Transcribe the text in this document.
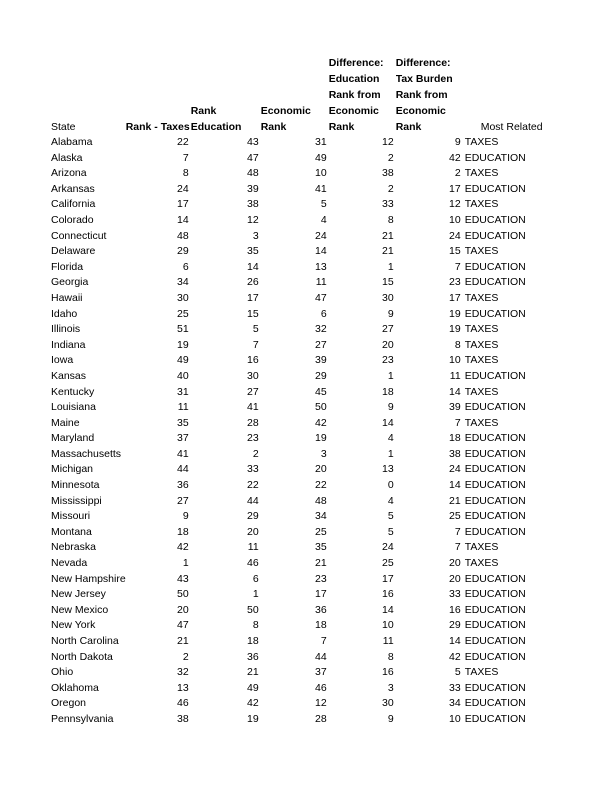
				Difference:	Difference:	
				Education	Tax Burden	
				Rank from	Rank from	
		Rank	Economic	Economic	Economic	
State	Rank - Taxes	Education	Rank	Rank	Rank	Most Related
Alabama	22	43	31	12	9	TAXES
Alaska	7	47	49	2	42	EDUCATION
Arizona	8	48	10	38	2	TAXES
Arkansas	24	39	41	2	17	EDUCATION
California	17	38	5	33	12	TAXES
Colorado	14	12	4	8	10	EDUCATION
Connecticut	48	3	24	21	24	EDUCATION
Delaware	29	35	14	21	15	TAXES
Florida	6	14	13	1	7	EDUCATION
Georgia	34	26	11	15	23	EDUCATION
Hawaii	30	17	47	30	17	TAXES
Idaho	25	15	6	9	19	EDUCATION
Illinois	51	5	32	27	19	TAXES
Indiana	19	7	27	20	8	TAXES
Iowa	49	16	39	23	10	TAXES
Kansas	40	30	29	1	11	EDUCATION
Kentucky	31	27	45	18	14	TAXES
Louisiana	11	41	50	9	39	EDUCATION
Maine	35	28	42	14	7	TAXES
Maryland	37	23	19	4	18	EDUCATION
Massachusetts	41	2	3	1	38	EDUCATION
Michigan	44	33	20	13	24	EDUCATION
Minnesota	36	22	22	0	14	EDUCATION
Mississippi	27	44	48	4	21	EDUCATION
Missouri	9	29	34	5	25	EDUCATION
Montana	18	20	25	5	7	EDUCATION
Nebraska	42	11	35	24	7	TAXES
Nevada	1	46	21	25	20	TAXES
New Hampshire	43	6	23	17	20	EDUCATION
New Jersey	50	1	17	16	33	EDUCATION
New Mexico	20	50	36	14	16	EDUCATION
New York	47	8	18	10	29	EDUCATION
North Carolina	21	18	7	11	14	EDUCATION
North Dakota	2	36	44	8	42	EDUCATION
Ohio	32	21	37	16	5	TAXES
Oklahoma	13	49	46	3	33	EDUCATION
Oregon	46	42	12	30	34	EDUCATION
Pennsylvania	38	19	28	9	10	EDUCATION
